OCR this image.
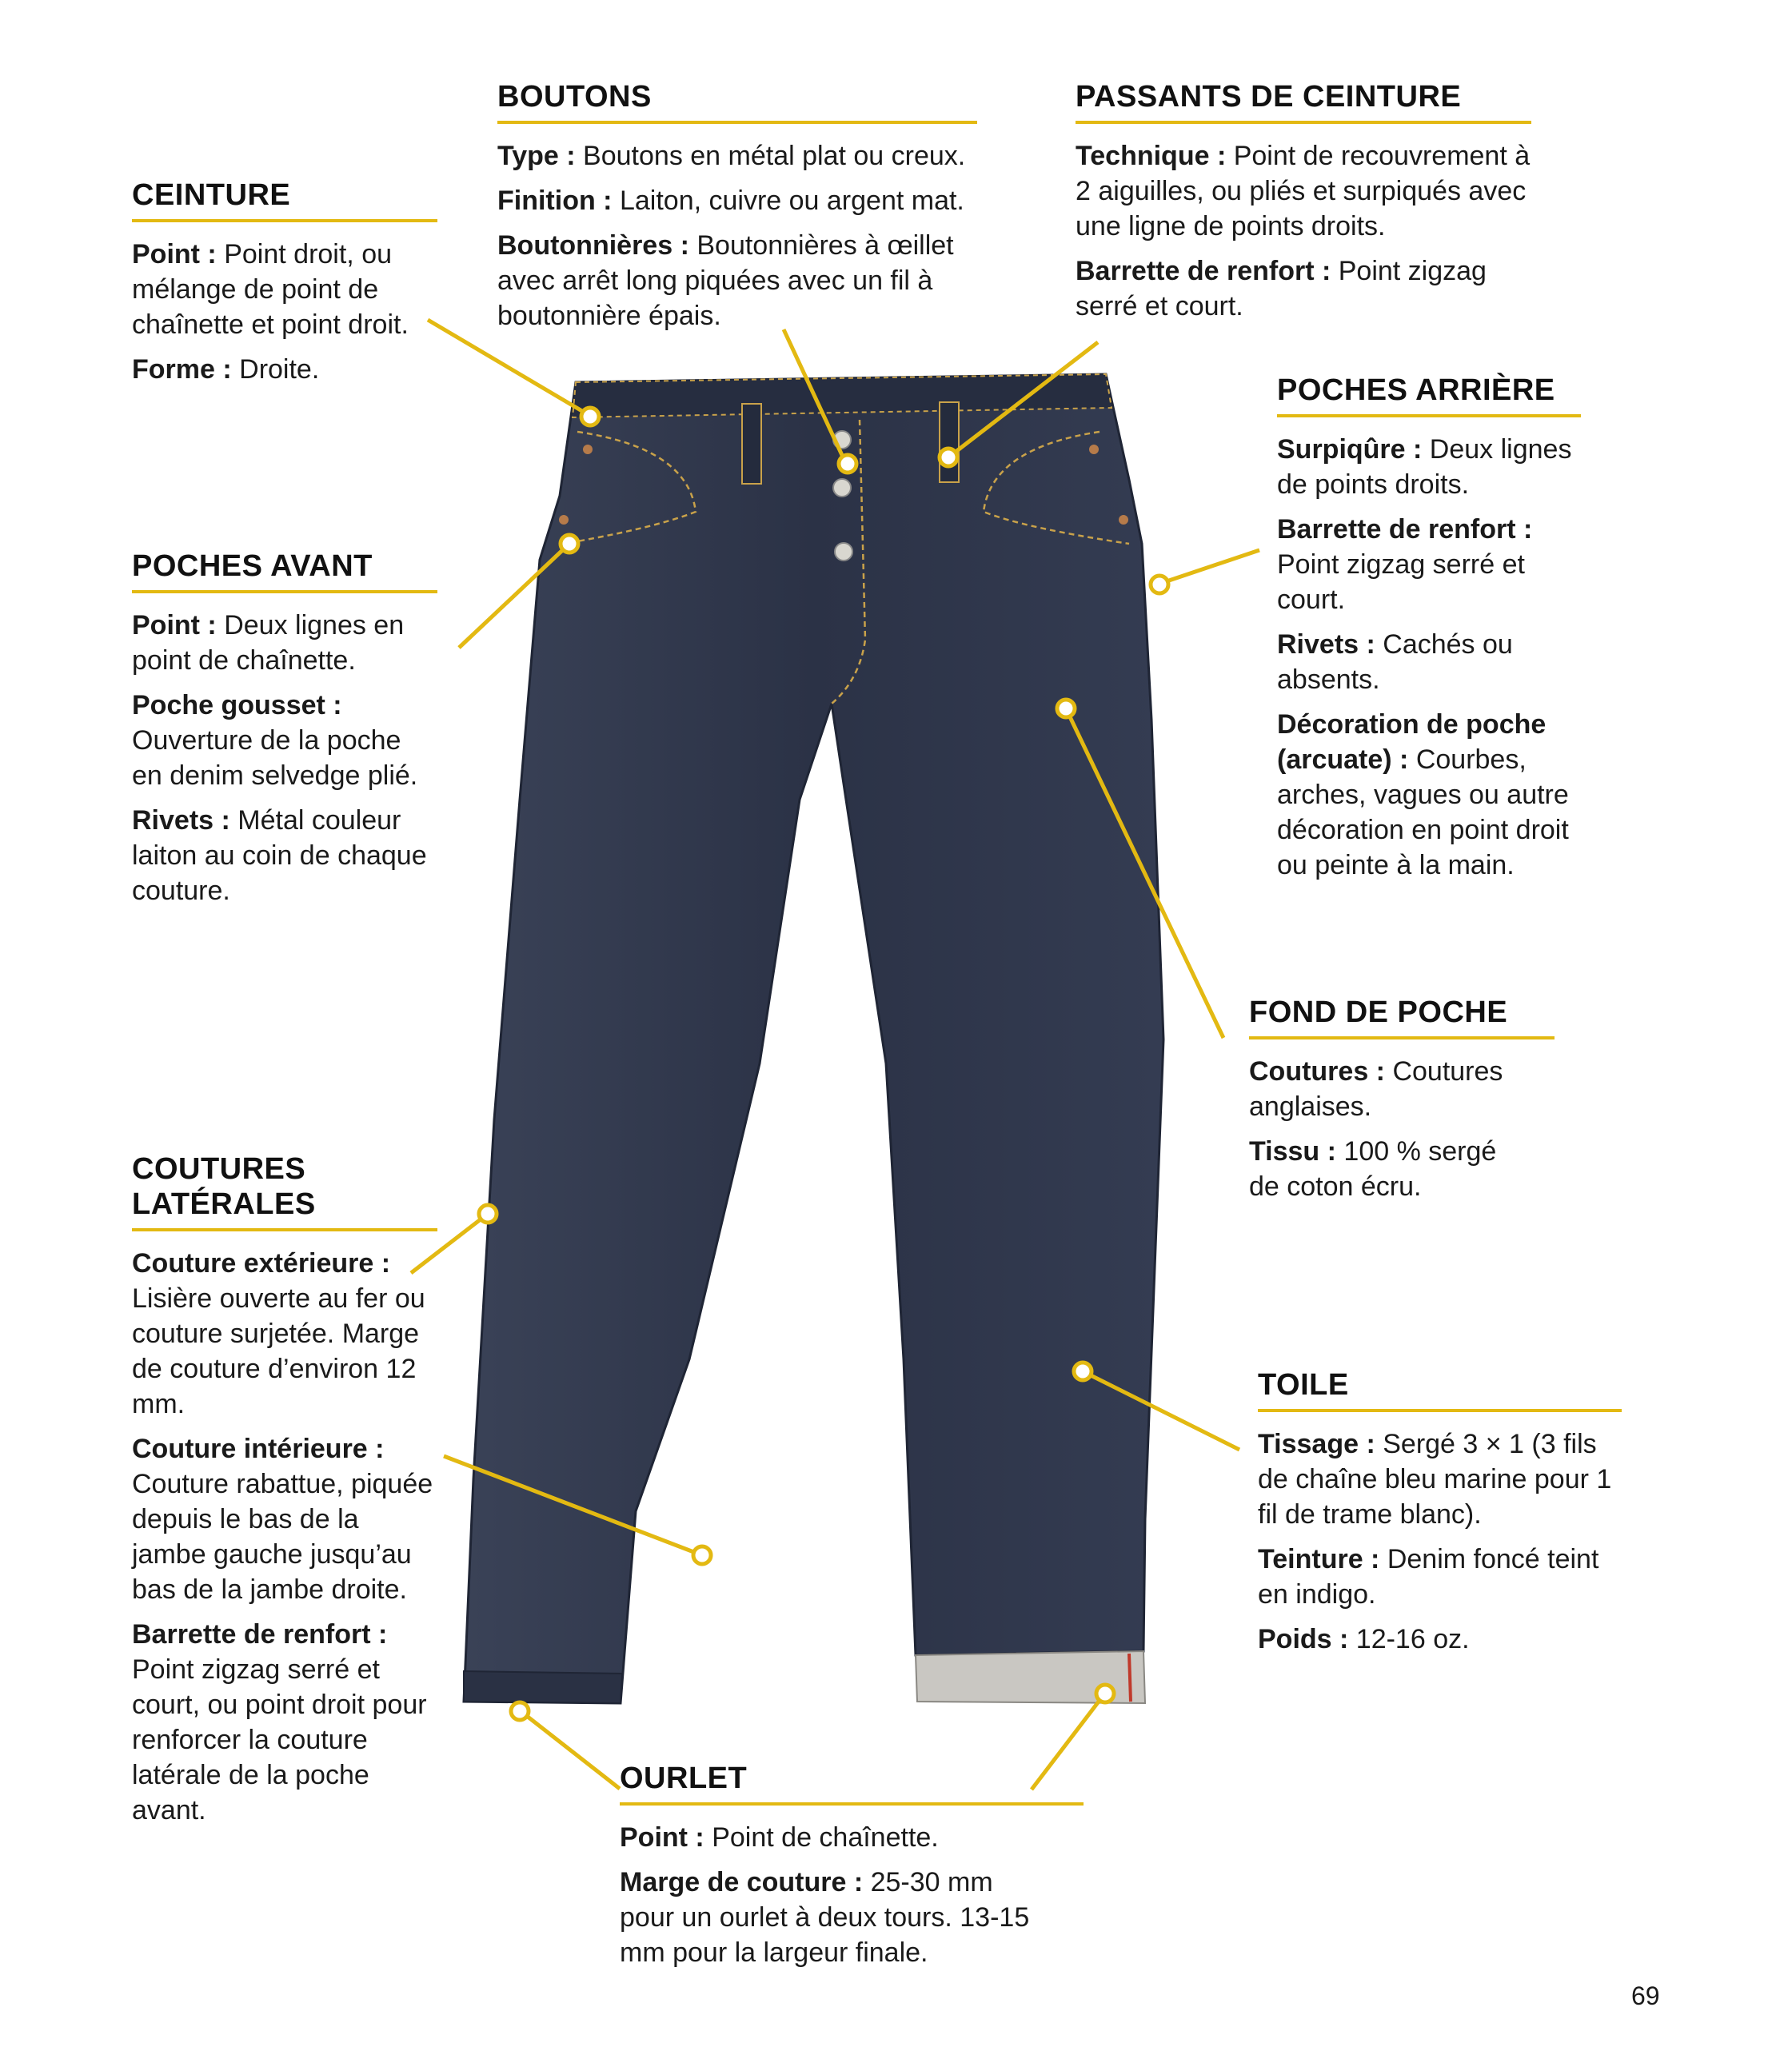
CEINTURE

Point : Point droit, ou mélange de point de chaînette et point droit.

Forme : Droite.

BOUTONS

Type : Boutons en métal plat ou creux.

Finition : Laiton, cuivre ou argent mat.

Boutonnières : Boutonnières à œillet avec arrêt long piquées avec un fil à boutonnière épais.

PASSANTS DE CEINTURE

Technique : Point de recouvrement à 2 aiguilles, ou pliés et surpiqués avec une ligne de points droits.

Barrette de renfort : Point zigzag serré et court.

POCHES ARRIÈRE

Surpiqûre : Deux lignes de points droits.

Barrette de renfort : Point zigzag serré et court.

Rivets : Cachés ou absents.

Décoration de poche (arcuate) : Courbes, arches, vagues ou autre décoration en point droit ou peinte à la main.

POCHES AVANT

Point : Deux lignes en point de chaînette.

Poche gousset : Ouverture de la poche en denim selvedge plié.

Rivets : Métal couleur laiton au coin de chaque couture.

FOND DE POCHE

Coutures : Coutures anglaises.

Tissu : 100 % sergé de coton écru.

COUTURES LATÉRALES

Couture extérieure : Lisière ouverte au fer ou couture surjetée. Marge de couture d’environ 12 mm.

Couture intérieure : Couture rabattue, piquée depuis le bas de la jambe gauche jusqu’au bas de la jambe droite.

Barrette de renfort : Point zigzag serré et court, ou point droit pour renforcer la couture latérale de la poche avant.

TOILE

Tissage : Sergé 3 × 1 (3 fils de chaîne bleu marine pour 1 fil de trame blanc).

Teinture : Denim foncé teint en indigo.

Poids : 12-16 oz.

OURLET

Point : Point de chaînette.

Marge de couture : 25-30 mm pour un ourlet à deux tours. 13-15 mm pour la largeur finale.

69
